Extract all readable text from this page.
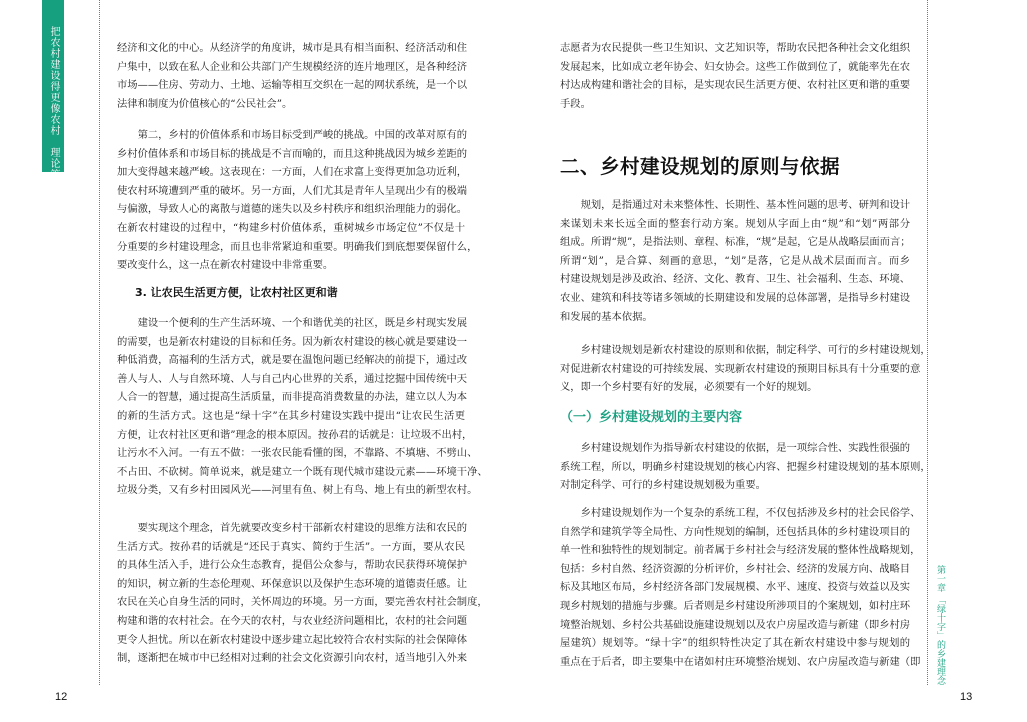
把农村建设得更像农村　理论篇	经济和文化的中心。从经济学的角度讲，城市是具有相当面积、经济活动和住
户集中，以致在私人企业和公共部门产生规模经济的连片地理区，是各种经济
市场——住房、劳动力、土地、运输等相互交织在一起的网状系统，是一个以
法律和制度为价值核心的“公民社会”。
第二，乡村的价值体系和市场目标受到严峻的挑战。中国的改革对原有的
乡村价值体系和市场目标的挑战是不言而喻的，而且这种挑战因为城乡差距的
加大变得越来越严峻。这表现在：一方面，人们在求富上变得更加急功近利，
使农村环境遭到严重的破坏。另一方面，人们尤其是青年人呈现出少有的极端
与偏激，导致人心的离散与道德的迷失以及乡村秩序和组织治理能力的弱化。
在新农村建设的过程中，“构建乡村价值体系，重树城乡市场定位”不仅是十
分重要的乡村建设理念，而且也非常紧迫和重要。明确我们到底想要保留什么，
要改变什么，这一点在新农村建设中非常重要。
3. 让农民生活更方便，让农村社区更和谐
建设一个便利的生产生活环境、一个和谐优美的社区，既是乡村现实发展
的需要，也是新农村建设的目标和任务。因为新农村建设的核心就是要建设一
种低消费，高福利的生活方式，就是要在温饱问题已经解决的前提下，通过改
善人与人、人与自然环境、人与自己内心世界的关系，通过挖掘中国传统中天
人合一的智慧，通过提高生活质量，而非提高消费数量的办法，建立以人为本
的新的生活方式。这也是“绿十字”在其乡村建设实践中提出“让农民生活更
方便，让农村社区更和谐”理念的根本原因。按孙君的话就是：让垃圾不出村，
让污水不入河。一有五不做：一张农民能看懂的图，不靠路、不填塘、不劈山、
不占田、不砍树。简单说来，就是建立一个既有现代城市建设元素——环境干净、
垃圾分类，又有乡村田园风光——河里有鱼、树上有鸟、地上有虫的新型农村。
要实现这个理念，首先就要改变乡村干部新农村建设的思维方法和农民的
生活方式。按孙君的话就是“还民于真实、简约于生活”。一方面，要从农民
的具体生活入手，进行公众生态教育，提倡公众参与，帮助农民获得环境保护
的知识，树立新的生态伦理观、环保意识以及保护生态环境的道德责任感。让
农民在关心自身生活的同时，关怀周边的环境。另一方面，要完善农村社会制度，
构建和谐的农村社会。在今天的农村，与农业经济问题相比，农村的社会问题
更令人担忧。所以在新农村建设中逐步建立起比较符合农村实际的社会保障体
制，逐渐把在城市中已经相对过剩的社会文化资源引向农村，适当地引入外来
志愿者为农民提供一些卫生知识、文艺知识等，帮助农民把各种社会文化组织
发展起来，比如成立老年协会、妇女协会。这些工作做到位了，就能率先在农
村达成构建和谐社会的目标，是实现农民生活更方便、农村社区更和谐的重要
手段。
二、乡村建设规划的原则与依据
规划，是指通过对未来整体性、长期性、基本性问题的思考、研判和设计
来谋划未来长远全面的整套行动方案。规划从字面上由“规”和“划”两部分
组成。所谓“规”，是指法则、章程、标准，“规”是起，它是从战略层面而言；
所谓“划”，是合算、刻画的意思，“划”是落，它是从战术层面而言。而乡
村建设规划是涉及政治、经济、文化、教育、卫生、社会福利、生态、环境、
农业、建筑和科技等诸多领域的长期建设和发展的总体部署，是指导乡村建设
和发展的基本依据。
乡村建设规划是新农村建设的原则和依据，制定科学、可行的乡村建设规划，
对促进新农村建设的可持续发展、实现新农村建设的预期目标具有十分重要的意
义，即一个乡村要有好的发展，必须要有一个好的规划。
（一）乡村建设规划的主要内容
乡村建设规划作为指导新农村建设的依据，是一项综合性、实践性很强的
系统工程，所以，明确乡村建设规划的核心内容、把握乡村建设规划的基本原则，
对制定科学、可行的乡村建设规划极为重要。
乡村建设规划作为一个复杂的系统工程，不仅包括涉及乡村的社会民俗学、
自然学和建筑学等全局性、方向性规划的编制，还包括具体的乡村建设项目的
单一性和独特性的规划制定。前者属于乡村社会与经济发展的整体性战略规划，
包括：乡村自然、经济资源的分析评价，乡村社会、经济的发展方向、战略目
标及其地区布局，乡村经济各部门发展规模、水平、速度、投资与效益以及实
现乡村规划的措施与步骤。后者则是乡村建设所涉项目的个案规划，如村庄环
境整治规划、乡村公共基础设施建设规划以及农户房屋改造与新建（即乡村房
屋建筑）规划等。“绿十字”的组织特性决定了其在新农村建设中参与规划的
重点在于后者，即主要集中在诸如村庄环境整治规划、农户房屋改造与新建（即 第一章 「绿十字」的乡建理念
12	13
